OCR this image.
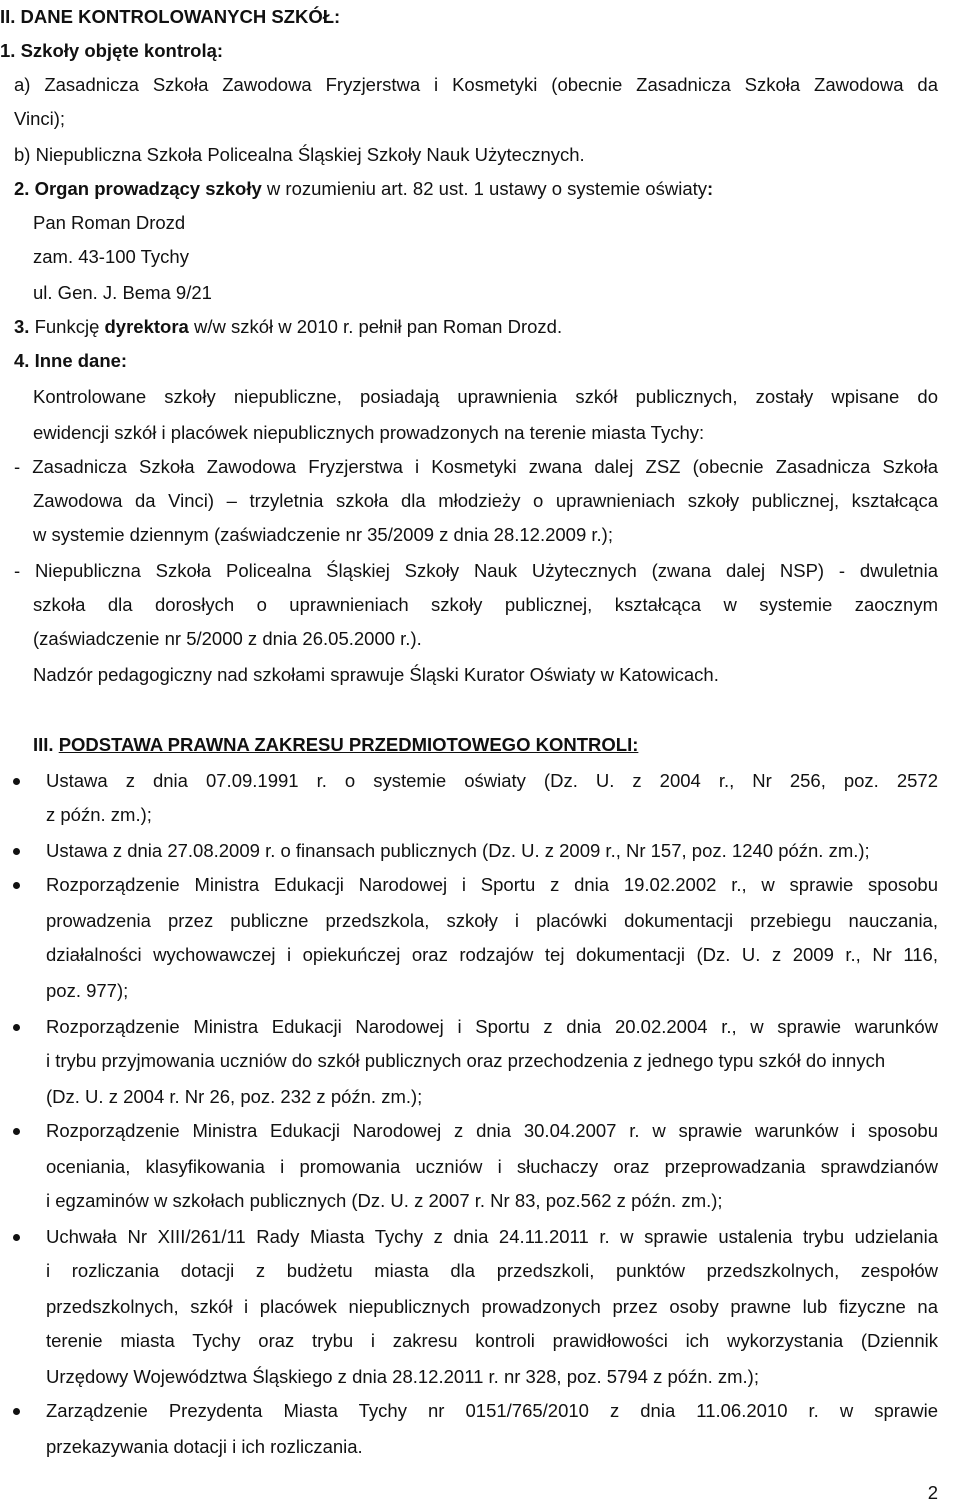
II. DANE KONTROLOWANYCH SZKÓŁ:
1. Szkoły objęte kontrolą:
a) Zasadnicza Szkoła Zawodowa Fryzjerstwa i Kosmetyki (obecnie Zasadnicza Szkoła Zawodowa da
Vinci);
b) Niepubliczna Szkoła Policealna Śląskiej Szkoły Nauk Użytecznych.
2. Organ prowadzący szkoły w rozumieniu art. 82 ust. 1 ustawy o systemie oświaty:
Pan Roman Drozd
zam. 43-100 Tychy
ul. Gen. J. Bema 9/21
3. Funkcję dyrektora w/w szkół w 2010 r. pełnił pan Roman Drozd.
4. Inne dane:
Kontrolowane szkoły niepubliczne, posiadają uprawnienia szkół publicznych, zostały wpisane do
ewidencji szkół i placówek niepublicznych prowadzonych na terenie miasta Tychy:
- Zasadnicza Szkoła Zawodowa Fryzjerstwa i Kosmetyki zwana dalej ZSZ (obecnie Zasadnicza Szkoła
Zawodowa da Vinci) – trzyletnia szkoła dla młodzieży o uprawnieniach szkoły publicznej, kształcąca
w systemie dziennym (zaświadczenie nr 35/2009 z dnia 28.12.2009 r.);
- Niepubliczna Szkoła Policealna Śląskiej Szkoły Nauk Użytecznych (zwana dalej NSP) - dwuletnia
szkoła dla dorosłych o uprawnieniach szkoły publicznej, kształcąca w systemie zaocznym
(zaświadczenie nr 5/2000 z dnia 26.05.2000 r.).
Nadzór pedagogiczny nad szkołami sprawuje Śląski Kurator Oświaty w Katowicach.
III. PODSTAWA PRAWNA ZAKRESU PRZEDMIOTOWEGO KONTROLI:
Ustawa z dnia 07.09.1991 r. o systemie oświaty (Dz. U. z 2004 r., Nr 256, poz. 2572
z późn. zm.);
Ustawa z dnia 27.08.2009 r. o finansach publicznych (Dz. U. z 2009 r., Nr 157, poz. 1240 późn. zm.);
Rozporządzenie Ministra Edukacji Narodowej i Sportu z dnia 19.02.2002 r., w sprawie sposobu
prowadzenia przez publiczne przedszkola, szkoły i placówki dokumentacji przebiegu nauczania,
działalności wychowawczej i opiekuńczej oraz rodzajów tej dokumentacji (Dz. U. z 2009 r., Nr 116,
poz. 977);
Rozporządzenie Ministra Edukacji Narodowej i Sportu z dnia 20.02.2004 r., w sprawie warunków
i trybu przyjmowania uczniów do szkół publicznych oraz przechodzenia z jednego typu szkół do innych
(Dz. U. z 2004 r. Nr 26, poz. 232 z późn. zm.);
Rozporządzenie Ministra Edukacji Narodowej z dnia 30.04.2007 r. w sprawie warunków i sposobu
oceniania, klasyfikowania i promowania uczniów i słuchaczy oraz przeprowadzania sprawdzianów
i egzaminów w szkołach publicznych (Dz. U. z 2007 r. Nr 83, poz.562 z późn. zm.);
Uchwała Nr XIII/261/11 Rady Miasta Tychy z dnia 24.11.2011 r. w sprawie ustalenia trybu udzielania
i rozliczania dotacji z budżetu miasta dla przedszkoli, punktów przedszkolnych, zespołów
przedszkolnych, szkół i placówek niepublicznych prowadzonych przez osoby prawne lub fizyczne na
terenie miasta Tychy oraz trybu i zakresu kontroli prawidłowości ich wykorzystania (Dziennik
Urzędowy Województwa Śląskiego z dnia 28.12.2011 r. nr 328, poz. 5794 z późn. zm.);
Zarządzenie Prezydenta Miasta Tychy nr 0151/765/2010 z dnia 11.06.2010 r. w sprawie
przekazywania dotacji i ich rozliczania.
2
